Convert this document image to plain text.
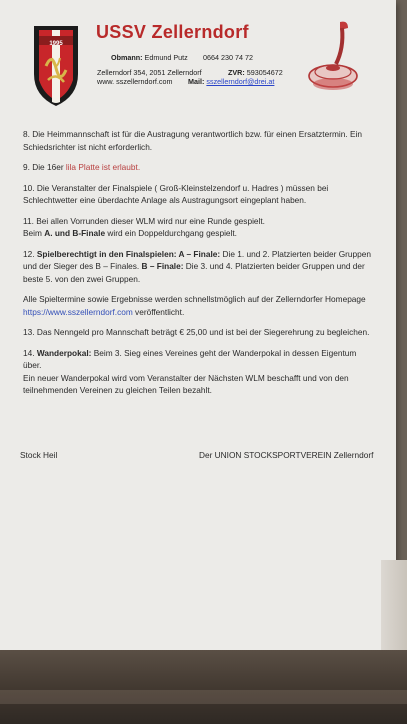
1995
USSV Zellerndorf
Obmann: Edmund Putz 0664 230 74 72
Zellerndorf 354, 2051 Zellerndorf	ZVR: 593054672
www. sszellerndorf.com Mail: sszellerndorf@drei.at

8. Die Heimmannschaft ist für die Austragung verantwortlich bzw. für einen Ersatztermin. Ein Schiedsrichter ist nicht erforderlich.

9. Die 16er lila Platte ist erlaubt.

10. Die Veranstalter der Finalspiele ( Groß-Kleinstelzendorf u. Hadres ) müssen bei Schlechtwetter eine überdachte Anlage als Austragungsort eingeplant haben.

11. Bei allen Vorrunden dieser WLM wird nur eine Runde gespielt.
Beim A. und B-Finale wird ein Doppeldurchgang gespielt.

12. Spielberechtigt in den Finalspielen: A – Finale: Die 1. und 2. Platzierten beider Gruppen und der Sieger des B – Finales. B – Finale: Die 3. und 4. Platzierten beider Gruppen und der beste 5. von den zwei Gruppen.

Alle Spieltermine sowie Ergebnisse werden schnellstmöglich auf der Zellerndorfer Homepage https://www.sszellerndorf.com veröffentlicht.

13. Das Nenngeld pro Mannschaft beträgt € 25,00 und ist bei der Siegerehrung zu begleichen.

14. Wanderpokal: Beim 3. Sieg eines Vereines geht der Wanderpokal in dessen Eigentum über.
Ein neuer Wanderpokal wird vom Veranstalter der Nächsten WLM beschafft und von den teilnehmenden Vereinen zu gleichen Teilen bezahlt.

Stock Heil	Der UNION STOCKSPORTVEREIN Zellerndorf
